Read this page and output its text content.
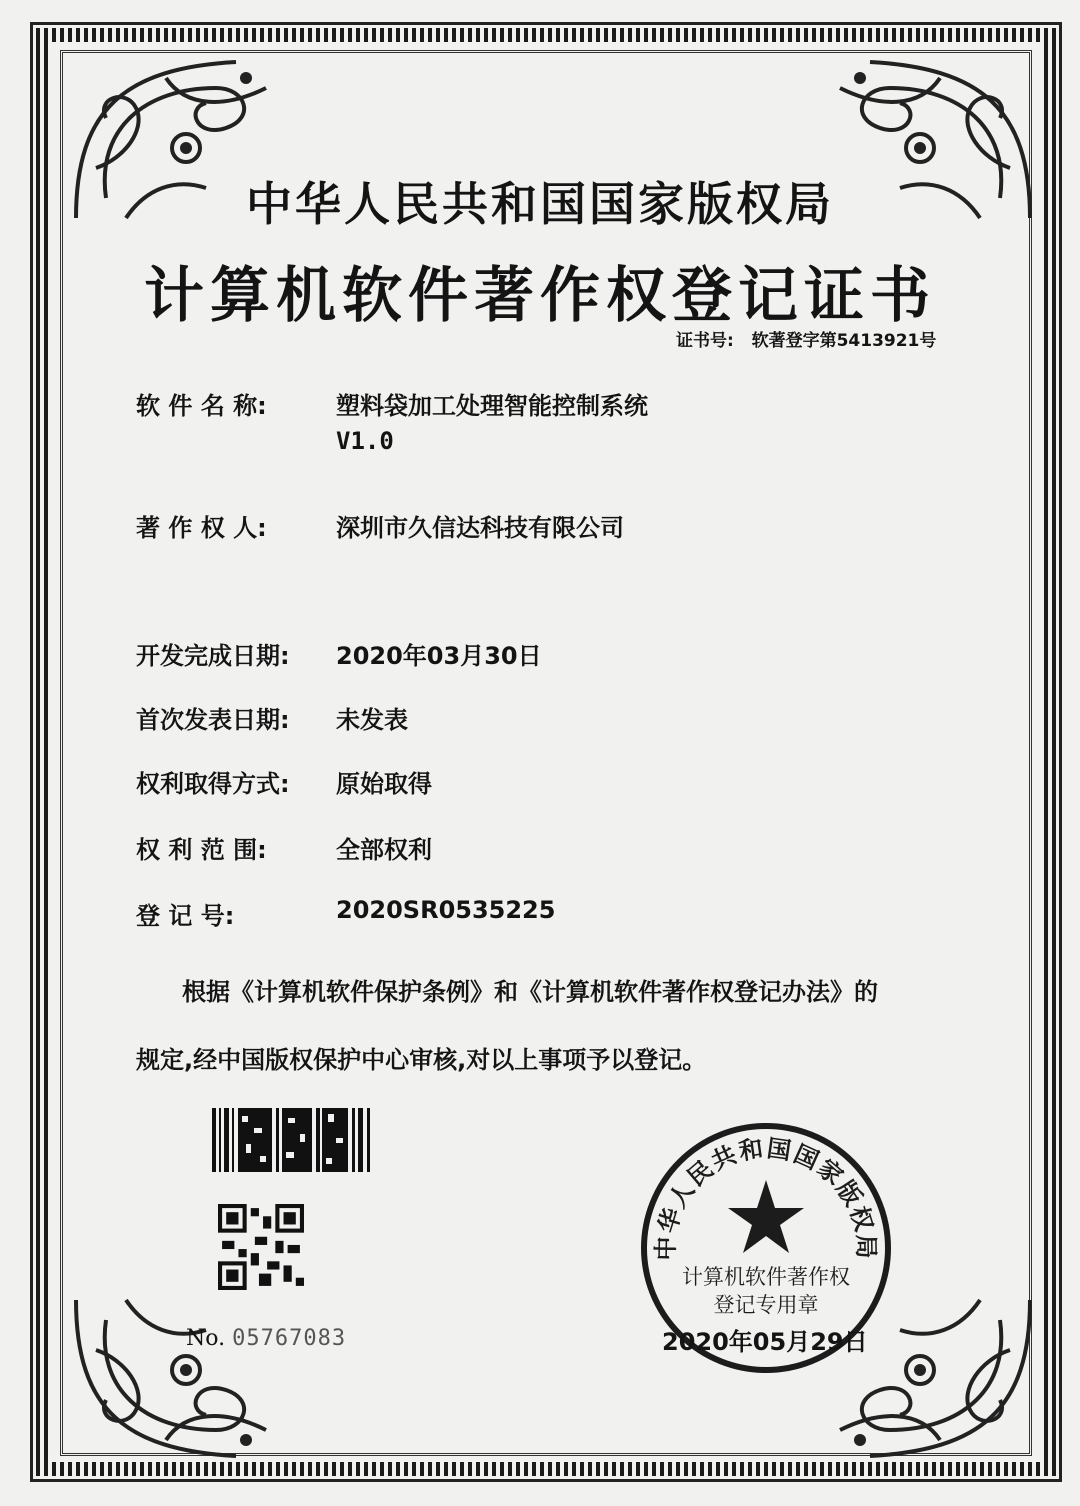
中华人民共和国国家版权局
计算机软件著作权登记证书
证书号: 软著登字第5413921号
软 件 名 称:	塑料袋加工处理智能控制系统
V1.0
著 作 权 人:	深圳市久信达科技有限公司
开发完成日期: 2020年03月30日
首次发表日期: 未发表
权利取得方式: 原始取得
权 利 范 围:	全部权利
登 记 号:	2020SR0535225
根据《计算机软件保护条例》和《计算机软件著作权登记办法》的
规定,经中国版权保护中心审核,对以上事项予以登记。
No. 05767083
中华人民共和国国家版权局
计算机软件著作权
登记专用章
2020年05月29日
